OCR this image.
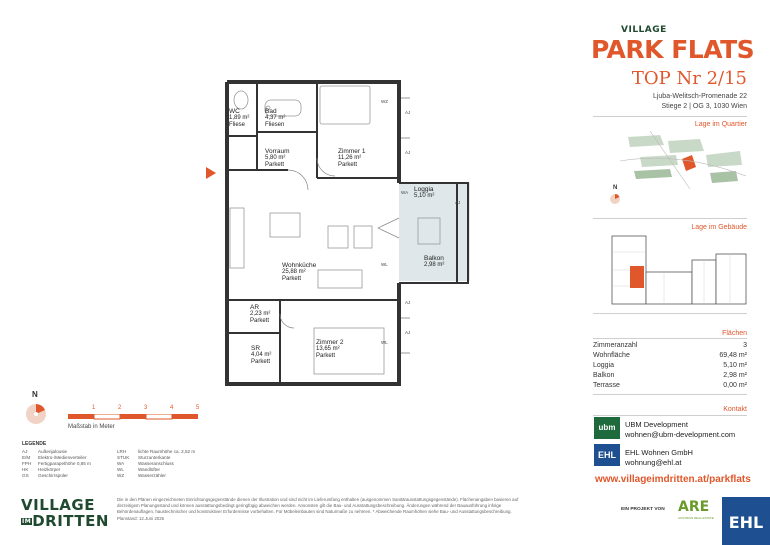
WC
1,89 m²
Fliese
Bad
4,37 m²
Fliesen
Vorraum
5,80 m²
Parkett
Zimmer 1
11,26 m²
Parkett
Loggia
5,10 m²
Wohnküche
25,88 m²
Parkett
Balkon
2,98 m²
AR
2,23 m²
Parkett
SR
4,04 m²
Parkett
Zimmer 2
13,65 m²
Parkett
AJ
AJ
AJ
AJ
AJ
WA
WL
WL
WZ
N
1	2	3	4	5
Maßstab in Meter
LEGENDE
AJ Außenjalousie
E/M Elektro-/Medienverteiler
FPH Fertigparapethöhe 0,85 m
HK Heizkörper
GS Geschirrspüler
LRH	lichte Raumhöhe ca. 2,52 m
STUK Sturzunterkante
WA	Wasseranschluss
WL	Wandlüfter
WZ	Wasserzähler
VILLAGE
IMDRITTEN
Die in den Plänen eingezeichneten Einrichtungsgegenstände dienen der Illustration und sind nicht im Lieferumfang enthalten (ausgenommen Sanitärausstattungsgegenstände). Flächenangaben basieren auf derzeitigem Planungsstand und können ausstattungsbedingt geringfügig abweichen werden. Ansonsten gilt die Bau- und Ausstattungsbeschreibung. Änderungen während der Bauausführung infolge Behördenauflagen, haustechnischer und konstruktiver Erfordernisse vorbehalten. Für Möbeleinbauten sind Naturmaße zu nehmen. * Abweichende Raumhöhen siehe Bau- und Ausstattungsbeschreibung. Planstand: 12.Juni 2025
VILLAGE
PARK FLATS
TOP Nr 2/15
Ljuba-Welitsch-Promenade 22
Stiege 2 | OG 3, 1030 Wien
Lage im Quartier
N
Lage im Gebäude
Flächen
Zimmeranzahl	3
Wohnfläche	69,48 m²
Loggia	5,10 m²
Balkon	2,98 m²
Terrasse	0,00 m²
Kontakt
ubm	UBM Development
wohnen@ubm-development.com
EHL	EHL Wohnen GmbH
wohnung@ehl.at
www.villageimdritten.at/parkflats
EIN PROJEKT VON ARE
AUSTRIAN REAL ESTATE EHL
